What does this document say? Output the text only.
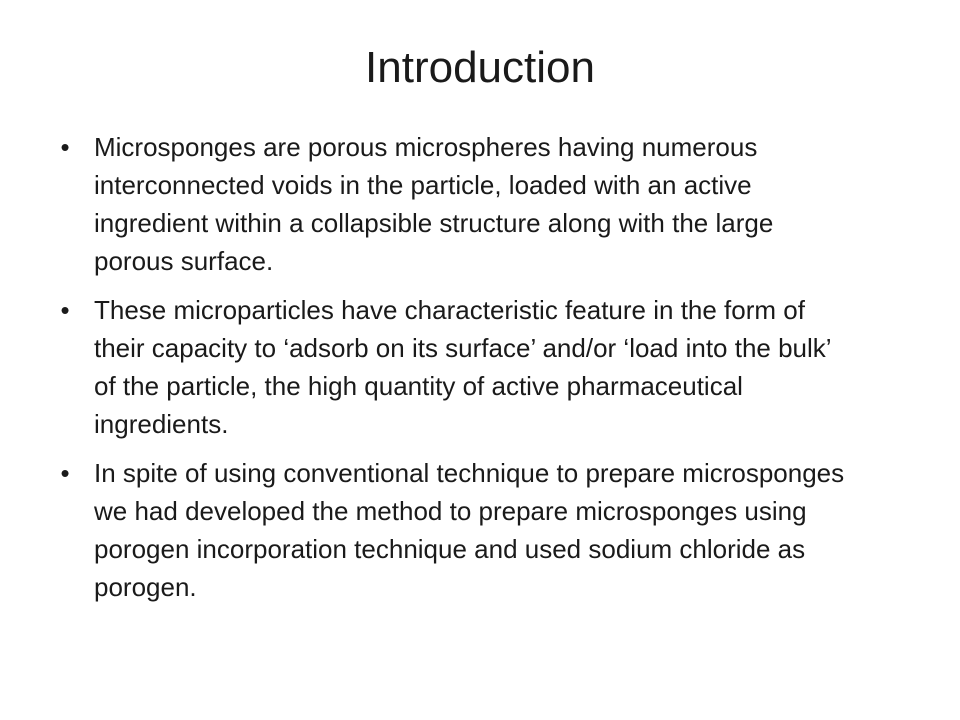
Introduction
• Microsponges are porous microspheres having numerous interconnected voids in the particle, loaded with an active ingredient within a collapsible structure along with the large porous surface.
• These microparticles have characteristic feature in the form of their capacity to ‘adsorb on its surface’ and/or ‘load into the bulk’ of the particle, the high quantity of active pharmaceutical ingredients.
• In spite of using conventional technique to prepare microsponges we had developed the method to prepare microsponges using porogen incorporation technique and used sodium chloride as porogen.
